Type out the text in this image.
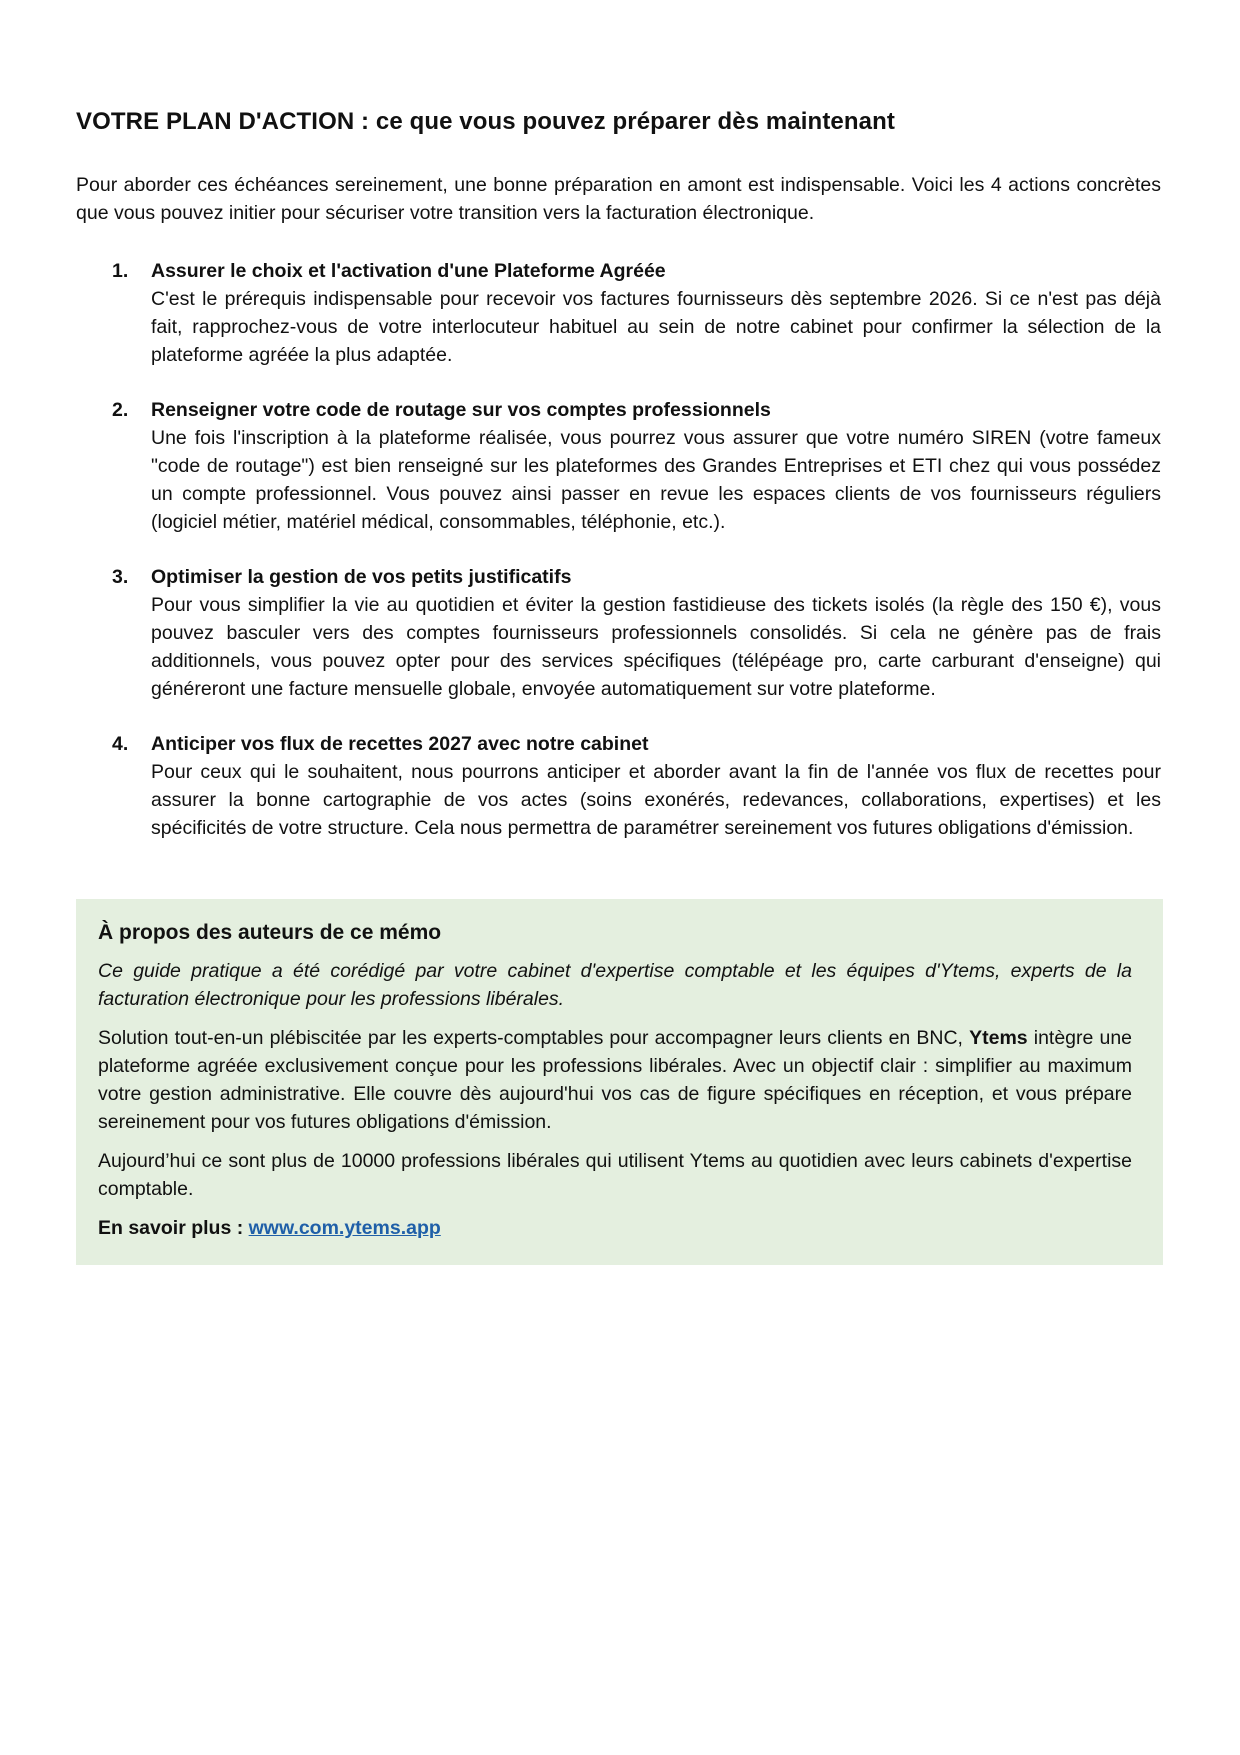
VOTRE PLAN D'ACTION : ce que vous pouvez préparer dès maintenant
Pour aborder ces échéances sereinement, une bonne préparation en amont est indispensable. Voici les 4 actions concrètes que vous pouvez initier pour sécuriser votre transition vers la facturation électronique.
1. Assurer le choix et l'activation d'une Plateforme Agréée
C'est le prérequis indispensable pour recevoir vos factures fournisseurs dès septembre 2026. Si ce n'est pas déjà fait, rapprochez-vous de votre interlocuteur habituel au sein de notre cabinet pour confirmer la sélection de la plateforme agréée la plus adaptée.
2. Renseigner votre code de routage sur vos comptes professionnels
Une fois l'inscription à la plateforme réalisée, vous pourrez vous assurer que votre numéro SIREN (votre fameux "code de routage") est bien renseigné sur les plateformes des Grandes Entreprises et ETI chez qui vous possédez un compte professionnel. Vous pouvez ainsi passer en revue les espaces clients de vos fournisseurs réguliers (logiciel métier, matériel médical, consommables, téléphonie, etc.).
3. Optimiser la gestion de vos petits justificatifs
Pour vous simplifier la vie au quotidien et éviter la gestion fastidieuse des tickets isolés (la règle des 150 €), vous pouvez basculer vers des comptes fournisseurs professionnels consolidés. Si cela ne génère pas de frais additionnels, vous pouvez opter pour des services spécifiques (télépéage pro, carte carburant d'enseigne) qui généreront une facture mensuelle globale, envoyée automatiquement sur votre plateforme.
4. Anticiper vos flux de recettes 2027 avec notre cabinet
Pour ceux qui le souhaitent, nous pourrons anticiper et aborder avant la fin de l'année vos flux de recettes pour assurer la bonne cartographie de vos actes (soins exonérés, redevances, collaborations, expertises) et les spécificités de votre structure. Cela nous permettra de paramétrer sereinement vos futures obligations d'émission.
À propos des auteurs de ce mémo
Ce guide pratique a été corédigé par votre cabinet d'expertise comptable et les équipes d'Ytems, experts de la facturation électronique pour les professions libérales.
Solution tout-en-un plébiscitée par les experts-comptables pour accompagner leurs clients en BNC, Ytems intègre une plateforme agréée exclusivement conçue pour les professions libérales. Avec un objectif clair : simplifier au maximum votre gestion administrative. Elle couvre dès aujourd'hui vos cas de figure spécifiques en réception, et vous prépare sereinement pour vos futures obligations d'émission.
Aujourd’hui ce sont plus de 10000 professions libérales qui utilisent Ytems au quotidien avec leurs cabinets d'expertise comptable.
En savoir plus : www.com.ytems.app
